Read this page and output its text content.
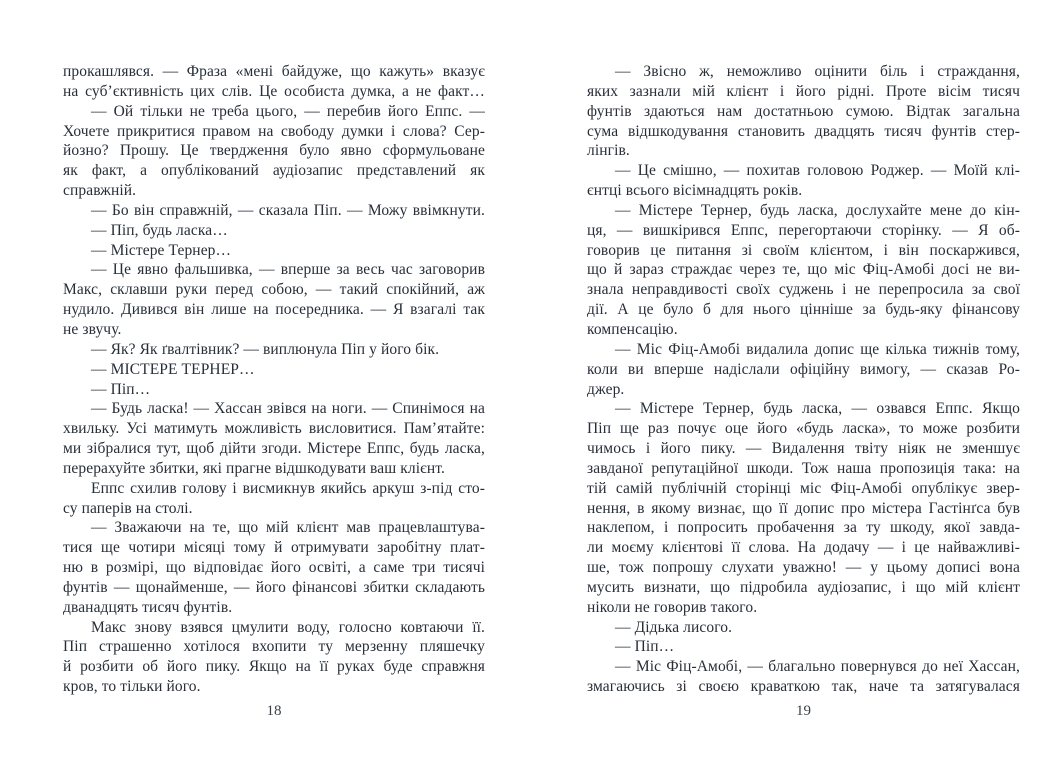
прокашлявся. — Фраза «мені байдуже, що кажуть» вказує
на суб’єктивність цих слів. Це особиста думка, а не факт…
— Ой тільки не треба цього, — перебив його Еппс. —
Хочете прикритися правом на свободу думки і слова? Сер-
йозно? Прошу. Це твердження було явно сформульоване
як факт, а опублікований аудіозапис представлений як
справжній.
— Бо він справжній, — сказала Піп. — Можу ввімкнути.
— Піп, будь ласка…
— Містере Тернер…
— Це явно фальшивка, — вперше за весь час заговорив
Макс, склавши руки перед собою, — такий спокійний, аж
нудило. Дивився він лише на посередника. — Я взагалі так
не звучу.
— Як? Як ґвалтівник? — виплюнула Піп у його бік.
— МІСТЕРЕ ТЕРНЕР…
— Піп…
— Будь ласка! — Хассан звівся на ноги. — Спинімося на
хвильку. Усі матимуть можливість висловитися. Пам’ятайте:
ми зібралися тут, щоб дійти згоди. Містере Еппс, будь ласка,
перерахуйте збитки, які прагне відшкодувати ваш клієнт.
Еппс схилив голову і висмикнув якийсь аркуш з-під сто-
су паперів на столі.
— Зважаючи на те, що мій клієнт мав працевлаштува-
тися ще чотири місяці тому й отримувати заробітну плат-
ню в розмірі, що відповідає його освіті, а саме три тисячі
фунтів — щонайменше, — його фінансові збитки складають
дванадцять тисяч фунтів.
Макс знову взявся цмулити воду, голосно ковтаючи її.
Піп страшенно хотілося вхопити ту мерзенну пляшечку
й розбити об його пику. Якщо на її руках буде справжня
кров, то тільки його.
18
— Звісно ж, неможливо оцінити біль і страждання,
яких зазнали мій клієнт і його рідні. Проте вісім тисяч
фунтів здаються нам достатньою сумою. Відтак загальна
сума відшкодування становить двадцять тисяч фунтів стер-
лінгів.
— Це смішно, — похитав головою Роджер. — Моїй клі-
єнтці всього вісімнадцять років.
— Містере Тернер, будь ласка, дослухайте мене до кін-
ця, — вишкірився Еппс, перегортаючи сторінку. — Я об-
говорив це питання зі своїм клієнтом, і він поскаржився,
що й зараз страждає через те, що міс Фіц-Амобі досі не ви-
знала неправдивості своїх суджень і не перепросила за свої
дії. А це було б для нього цінніше за будь-яку фінансову
компенсацію.
— Міс Фіц-Амобі видалила допис ще кілька тижнів тому,
коли ви вперше надіслали офіційну вимогу, — сказав Ро-
джер.
— Містере Тернер, будь ласка, — озвався Еппс. Якщо
Піп ще раз почує оце його «будь ласка», то може розбити
чимось і його пику. — Видалення твіту ніяк не зменшує
завданої репутаційної шкоди. Тож наша пропозиція така: на
тій самій публічній сторінці міс Фіц-Амобі опублікує звер-
нення, в якому визнає, що її допис про містера Гастінґса був
наклепом, і попросить пробачення за ту шкоду, якої завда-
ли моєму клієнтові її слова. На додачу — і це найважливі-
ше, тож попрошу слухати уважно! — у цьому дописі вона
мусить визнати, що підробила аудіозапис, і що мій клієнт
ніколи не говорив такого.
— Дідька лисого.
— Піп…
— Міс Фіц-Амобі, — благально повернувся до неї Хассан,
змагаючись зі своєю краваткою так, наче та затягувалася
19
